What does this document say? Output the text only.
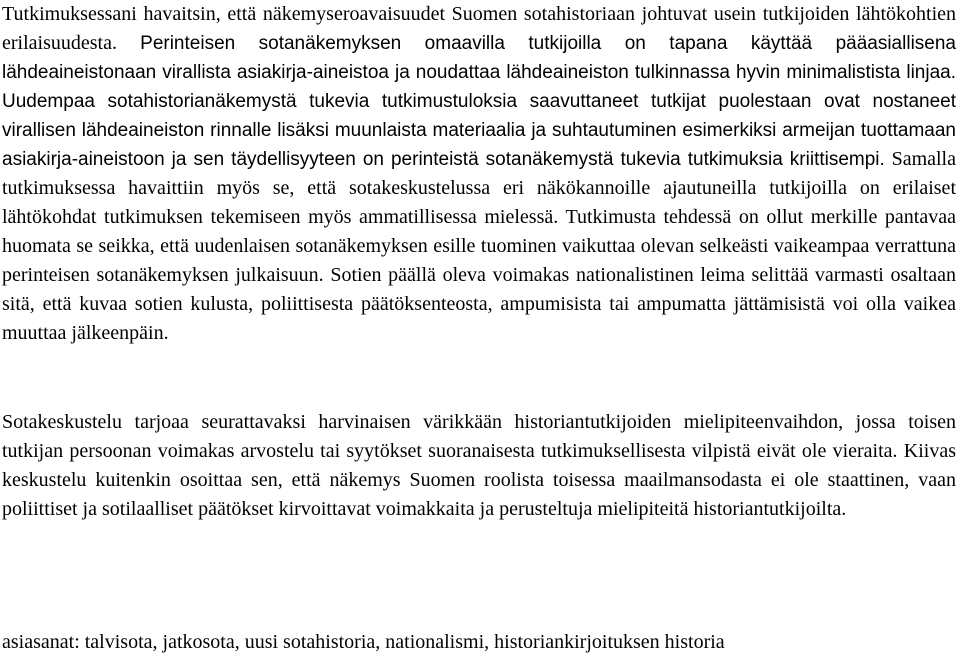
Tutkimuksessani havaitsin, että näkemyseroavaisuudet Suomen sotahistoriaan johtuvat usein tutkijoiden lähtökohtien erilaisuudesta. Perinteisen sotanäkemyksen omaavilla tutkijoilla on tapana käyttää pääasiallisena lähdeaineistonaan virallista asiakirja-aineistoa ja noudattaa lähdeaineiston tulkinnassa hyvin minimalistista linjaa. Uudempaa sotahistorianäkemystä tukevia tutkimustuloksia saavuttaneet tutkijat puolestaan ovat nostaneet virallisen lähdeaineiston rinnalle lisäksi muunlaista materiaalia ja suhtautuminen esimerkiksi armeijan tuottamaan asiakirja-aineistoon ja sen täydellisyyteen on perinteistä sotanäkemystä tukevia tutkimuksia kriittisempi. Samalla tutkimuksessa havaittiin myös se, että sotakeskustelussa eri näkökannoille ajautuneilla tutkijoilla on erilaiset lähtökohdat tutkimuksen tekemiseen myös ammatillisessa mielessä. Tutkimusta tehdessä on ollut merkille pantavaa huomata se seikka, että uudenlaisen sotanäkemyksen esille tuominen vaikuttaa olevan selkeästi vaikeampaa verrattuna perinteisen sotanäkemyksen julkaisuun. Sotien päällä oleva voimakas nationalistinen leima selittää varmasti osaltaan sitä, että kuvaa sotien kulusta, poliittisesta päätöksenteosta, ampumisista tai ampumatta jättämisistä voi olla vaikea muuttaa jälkeenpäin.

Sotakeskustelu tarjoaa seurattavaksi harvinaisen värikkään historiantutkijoiden mielipiteenvaihdon, jossa toisen tutkijan persoonan voimakas arvostelu tai syytökset suoranaisesta tutkimuksellisesta vilpistä eivät ole vieraita. Kiivas keskustelu kuitenkin osoittaa sen, että näkemys Suomen roolista toisessa maailmansodasta ei ole staattinen, vaan poliittiset ja sotilaalliset päätökset kirvoittavat voimakkaita ja perusteltuja mielipiteitä historiantutkijoilta.

asiasanat: talvisota, jatkosota, uusi sotahistoria, nationalismi, historiankirjoituksen historia
